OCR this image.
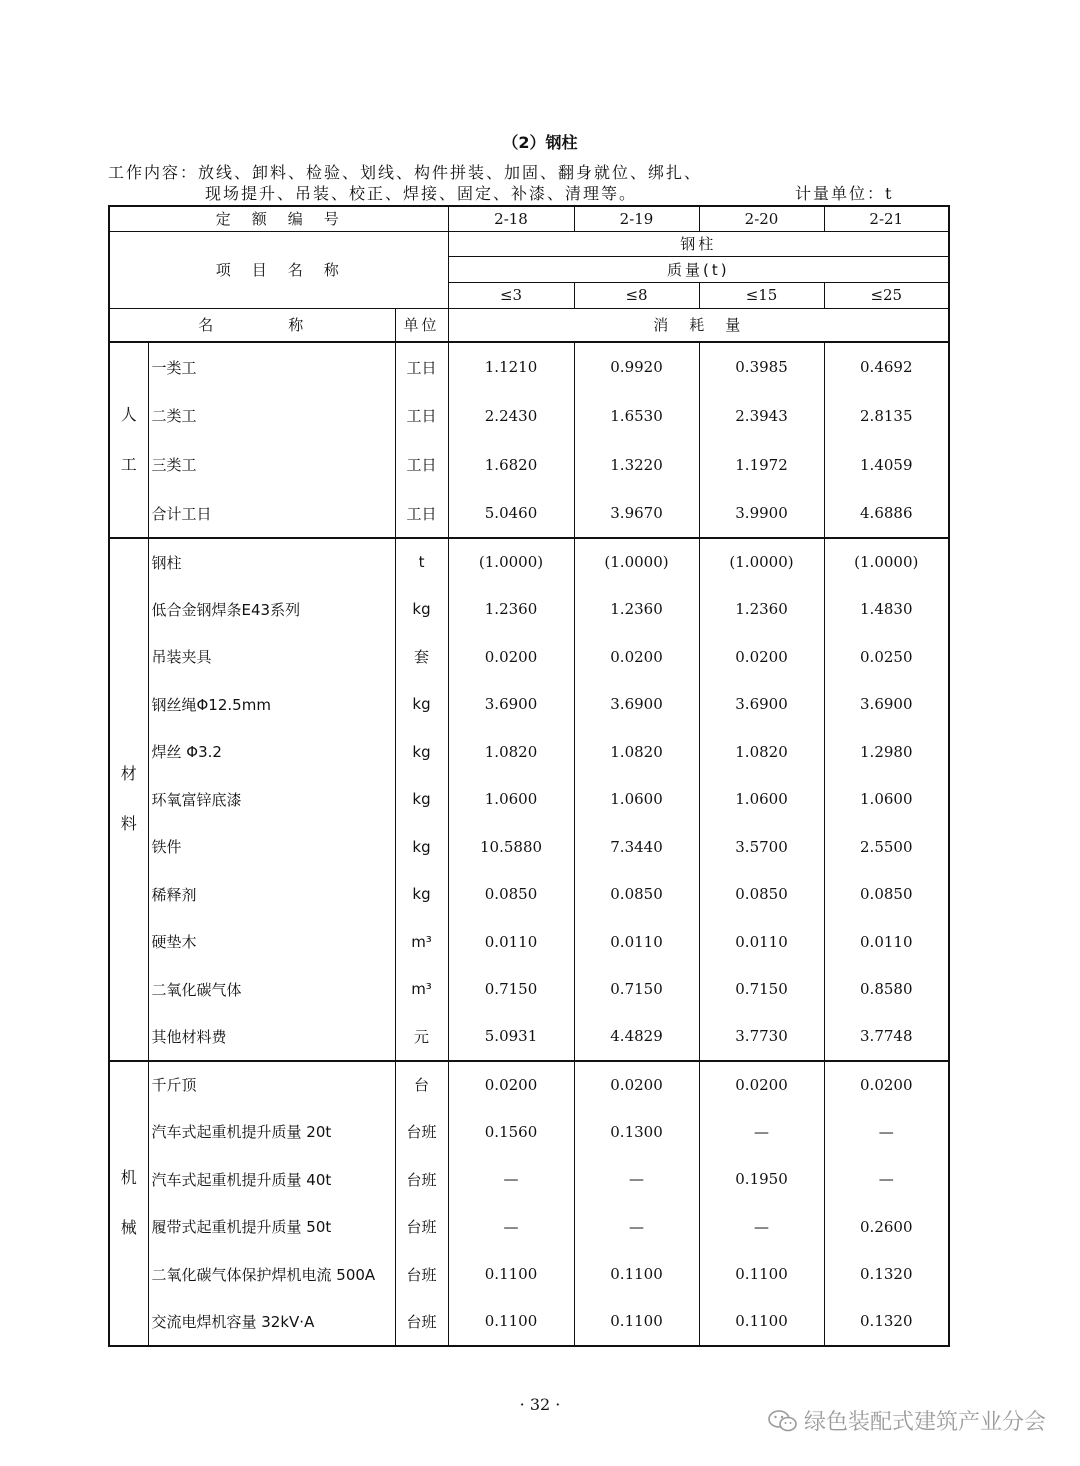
（2）钢柱
工作内容：放线、卸料、检验、划线、构件拼装、加固、翻身就位、绑扎、
现场提升、吊装、校正、焊接、固定、补漆、清理等。	计量单位：t
定　额　编　号			2-18	2-19	2-20	2-21
项　目　名　称			钢柱			
			质量(t)			
			≤3	≤8	≤15	≤25
名　　　　称		单位	消　耗　量			

人
工	一类工	工日	1.1210	0.9920	0.3985	0.4692
	二类工	工日	2.2430	1.6530	2.3943	2.8135
	三类工	工日	1.6820	1.3220	1.1972	1.4059
	合计工日	工日	5.0460	3.9670	3.9900	4.6886

材
料	钢柱	t	(1.0000)	(1.0000)	(1.0000)	(1.0000)
	低合金钢焊条E43系列	kg	1.2360	1.2360	1.2360	1.4830
	吊装夹具	套	0.0200	0.0200	0.0200	0.0250
	钢丝绳Φ12.5mm	kg	3.6900	3.6900	3.6900	3.6900
	焊丝 Φ3.2	kg	1.0820	1.0820	1.0820	1.2980
	环氧富锌底漆	kg	1.0600	1.0600	1.0600	1.0600
	铁件	kg	10.5880	7.3440	3.5700	2.5500
	稀释剂	kg	0.0850	0.0850	0.0850	0.0850
	硬垫木	m³	0.0110	0.0110	0.0110	0.0110
	二氧化碳气体	m³	0.7150	0.7150	0.7150	0.8580
	其他材料费	元	5.0931	4.4829	3.7730	3.7748

机
械	千斤顶	台	0.0200	0.0200	0.0200	0.0200
	汽车式起重机提升质量 20t	台班	0.1560	0.1300	—	—
	汽车式起重机提升质量 40t	台班	—	—	0.1950	—
	履带式起重机提升质量 50t	台班	—	—	—	0.2600
	二氧化碳气体保护焊机电流 500A	台班	0.1100	0.1100	0.1100	0.1320
	交流电焊机容量 32kV·A	台班	0.1100	0.1100	0.1100	0.1320
· 32 ·
绿色装配式建筑产业分会
